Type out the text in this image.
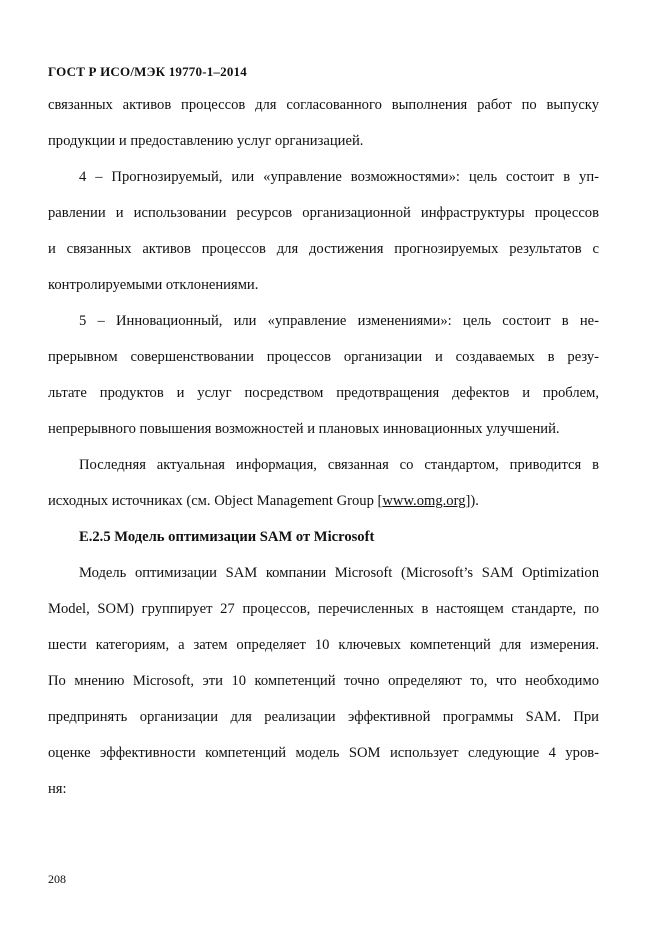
ГОСТ Р ИСО/МЭК 19770-1–2014
связанных активов процессов для согласованного выполнения работ по выпуску
продукции и предоставлению услуг организацией.
4 – Прогнозируемый, или «управление возможностями»: цель состоит в уп-
равлении и использовании ресурсов организационной инфраструктуры процессов
и связанных активов процессов для достижения прогнозируемых результатов с
контролируемыми отклонениями.
5 – Инновационный, или «управление изменениями»: цель состоит в не-
прерывном совершенствовании процессов организации и создаваемых в резу-
льтате продуктов и услуг посредством предотвращения дефектов и проблем,
непрерывного повышения возможностей и плановых инновационных улучшений.
Последняя актуальная информация, связанная со стандартом, приводится в
исходных источниках (см. Object Management Group [www.omg.org]).
Е.2.5 Модель оптимизации SAM от Microsoft
Модель оптимизации SAM компании Microsoft (Microsoft’s SAM Optimization
Model, SOM) группирует 27 процессов, перечисленных в настоящем стандарте, по
шести категориям, а затем определяет 10 ключевых компетенций для измерения.
По мнению Microsoft, эти 10 компетенций точно определяют то, что необходимо
предпринять организации для реализации эффективной программы SAM. При
оценке эффективности компетенций модель SOM использует следующие 4 уров-
ня:
208
